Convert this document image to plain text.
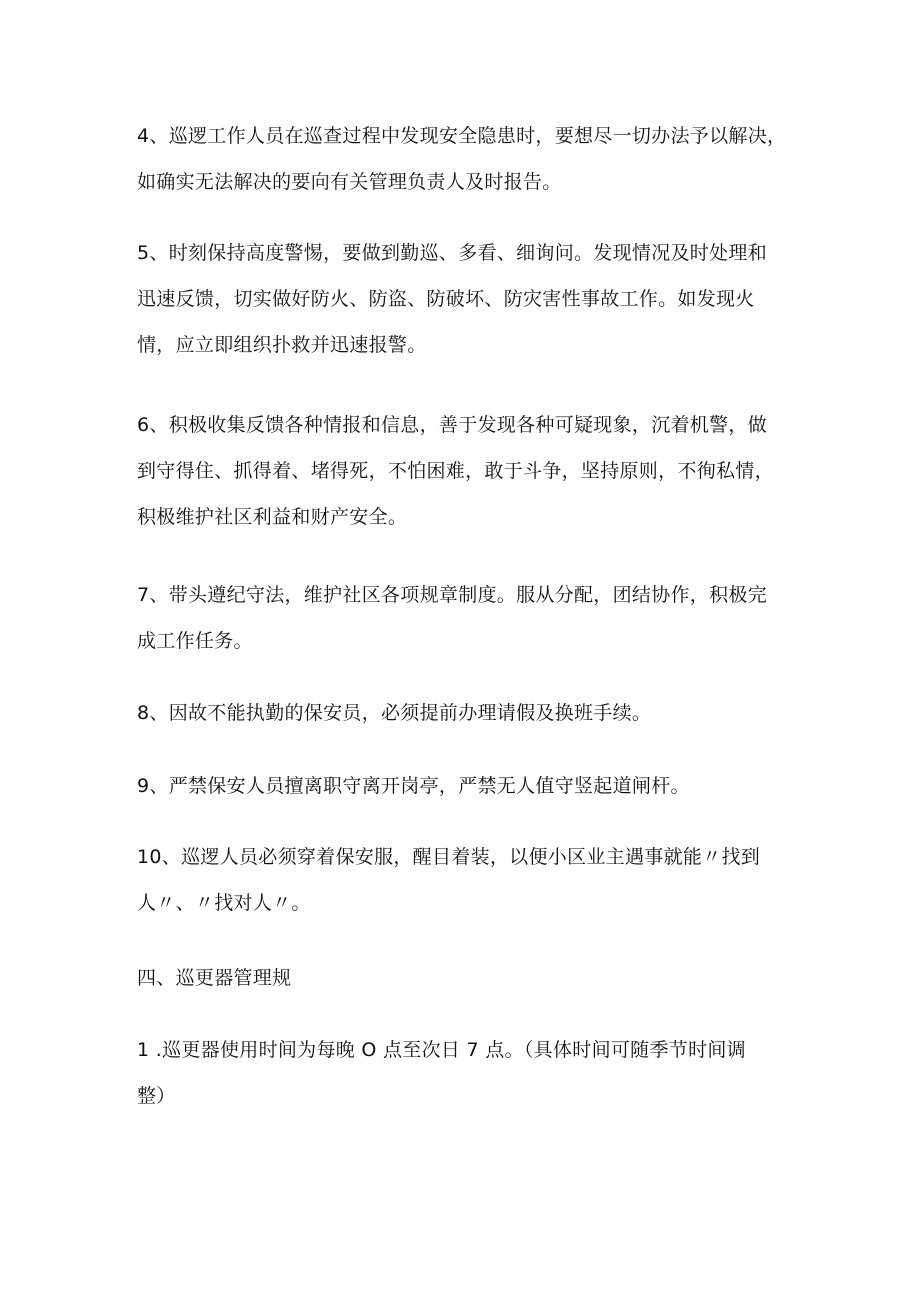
4、巡逻工作人员在巡查过程中发现安全隐患时，要想尽一切办法予以解决，
如确实无法解决的要向有关管理负责人及时报告。
5、时刻保持高度警惕，要做到勤巡、多看、细询问。发现情况及时处理和
迅速反馈，切实做好防火、防盗、防破坏、防灾害性事故工作。如发现火
情，应立即组织扑救并迅速报警。
6、积极收集反馈各种情报和信息，善于发现各种可疑现象，沉着机警，做
到守得住、抓得着、堵得死，不怕困难，敢于斗争，坚持原则，不徇私情，
积极维护社区利益和财产安全。
7、带头遵纪守法，维护社区各项规章制度。服从分配，团结协作，积极完
成工作任务。
8、因故不能执勤的保安员，必须提前办理请假及换班手续。
9、严禁保安人员擅离职守离开岗亭，严禁无人值守竖起道闸杆。
10、巡逻人员必须穿着保安服，醒目着装，以便小区业主遇事就能〃找到
人〃、〃找对人〃。
四、巡更器管理规
1 .巡更器使用时间为每晚 O 点至次日 7 点。（具体时间可随季节时间调
整）
